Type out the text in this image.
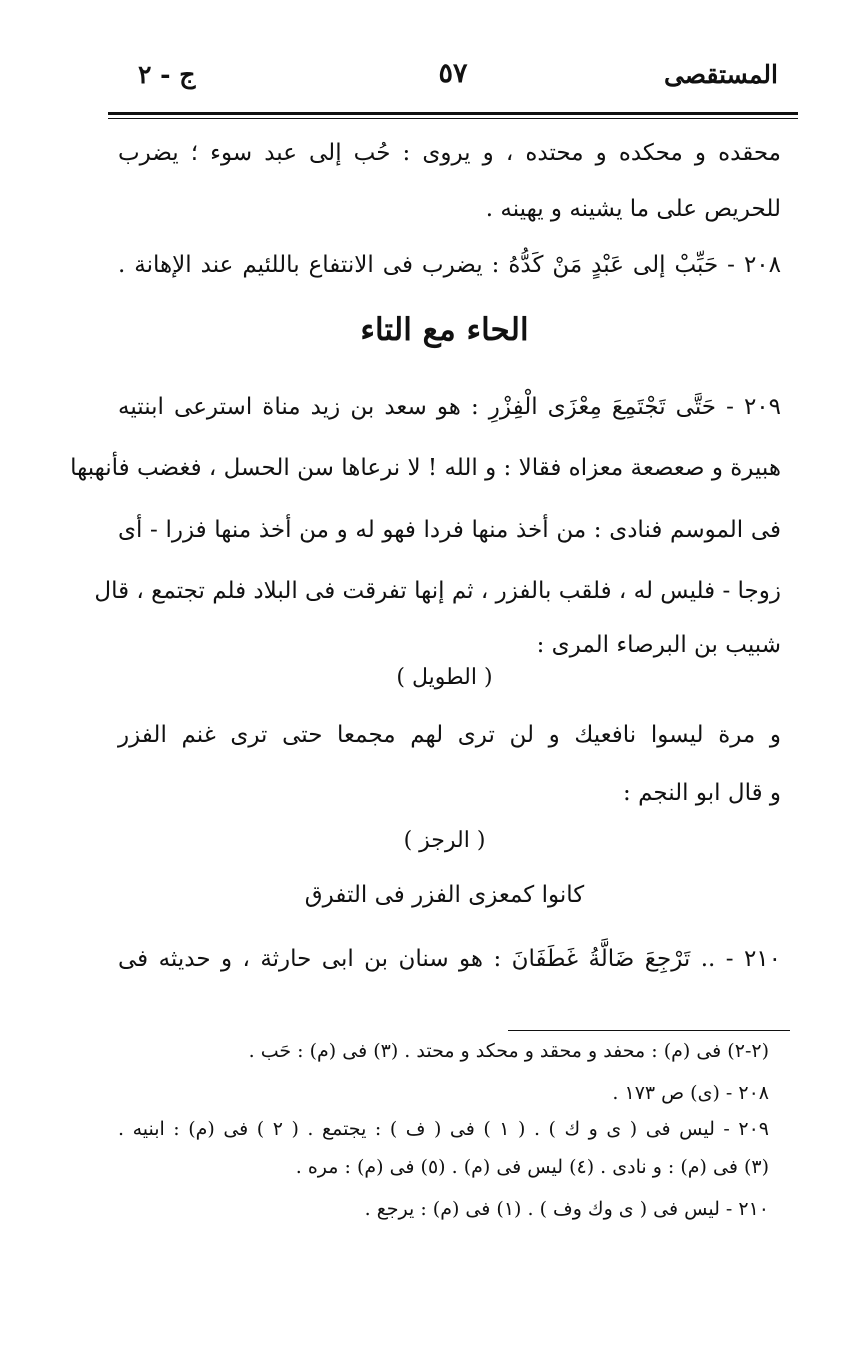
المستقصى
٥٧
ج - ٢
محقده و محكده و محتده ، و يروى : حُب إلى عبد سوء ؛ يضرب
للحريص على ما يشينه و يهينه .
٢٠٨ - حَبِّبْ إلى عَبْدٍ مَنْ كَدُّهُ : يضرب فى الانتفاع باللئيم عند الإهانة .
الحاء مع التاء
٢٠٩ - حَتَّى تَجْتَمِعَ مِعْزَى الْفِزْرِ : هو سعد بن زيد مناة استرعى ابنتيه
هبيرة و صعصعة معزاه فقالا : و الله ! لا نرعاها سن الحسل ، فغضب فأنهبها
فى الموسم فنادى : من أخذ منها فردا فهو له و من أخذ منها فزرا - أى
زوجا - فليس له ، فلقب بالفزر ، ثم إنها تفرقت فى البلاد فلم تجتمع ، قال
شبيب بن البرصاء المرى :
( الطويل )
و مرة ليسوا نافعيك و لن ترى لهم مجمعا حتى ترى غنم الفزر
و قال ابو النجم :
( الرجز )
كانوا كمعزى الفزر فى التفرق
٢١٠ - .. تَرْجِعَ ضَالَّةُ غَطَفَانَ : هو سنان بن ابى حارثة ، و حديثه فى
(٢-٢) فى (م) : محفد و محقد و محكد و محتد . (٣) فى (م) : حَب .
٢٠٨ - (ى) ص ١٧٣ .
٢٠٩ - ليس فى ( ى و ك ) . ( ١ ) فى ( ف ) : يجتمع . ( ٢ ) فى (م) : ابنيه .
(٣) فى (م) : و نادى . (٤) ليس فى (م) . (٥) فى (م) : مره .
٢١٠ - ليس فى ( ى وك وف ) . (١) فى (م) : يرجع .
